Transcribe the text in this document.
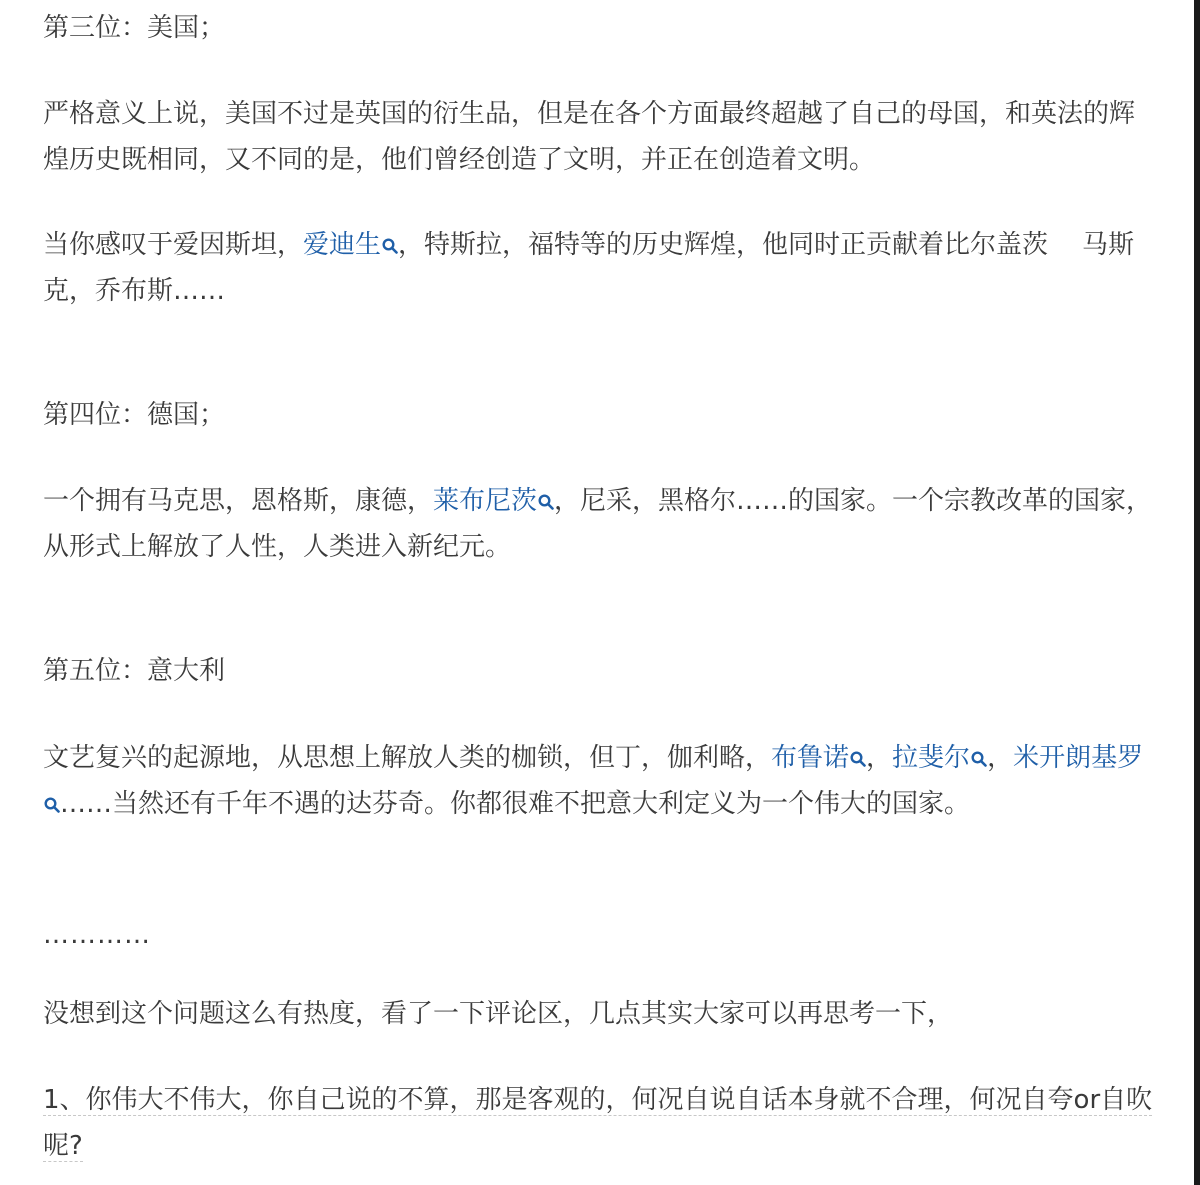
第三位：美国；

严格意义上说，美国不过是英国的衍生品，但是在各个方面最终超越了自己的母国，和英法的辉煌历史既相同，又不同的是，他们曾经创造了文明，并正在创造着文明。

当你感叹于爱因斯坦，爱迪生 ，特斯拉，福特等的历史辉煌，他同时正贡献着比尔盖茨 马斯克，乔布斯……

第四位：德国；

一个拥有马克思，恩格斯，康德，莱布尼茨 ，尼采，黑格尔……的国家。一个宗教改革的国家，从形式上解放了人性，人类进入新纪元。

第五位：意大利

文艺复兴的起源地，从思想上解放人类的枷锁，但丁，伽利略，布鲁诺 ，拉斐尔 ，米开朗基罗……当然还有千年不遇的达芬奇。你都很难不把意大利定义为一个伟大的国家。

…………

没想到这个问题这么有热度，看了一下评论区，几点其实大家可以再思考一下，

1、你伟大不伟大，你自己说的不算，那是客观的，何况自说自话本身就不合理，何况自夸or自吹呢?
